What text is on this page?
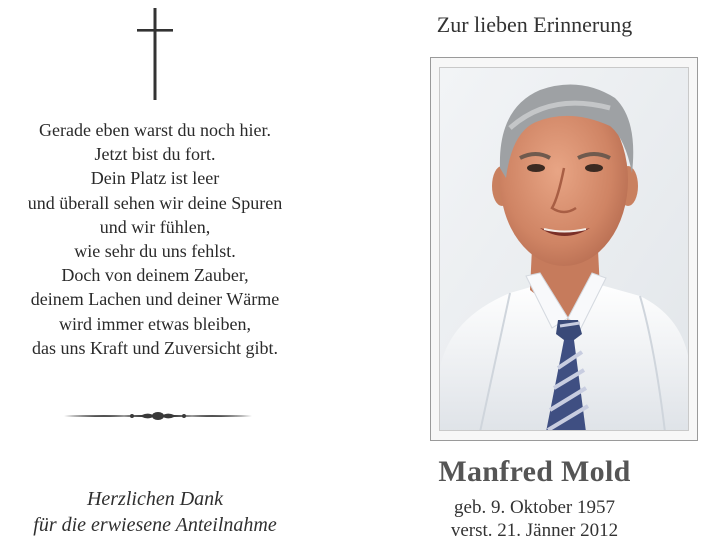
Gerade eben warst du noch hier.
Jetzt bist du fort.
Dein Platz ist leer
und überall sehen wir deine Spuren
und wir fühlen,
wie sehr du uns fehlst.
Doch von deinem Zauber,
deinem Lachen und deiner Wärme
wird immer etwas bleiben,
das uns Kraft und Zuversicht gibt.
Herzlichen Dank
für die erwiesene Anteilnahme
Zur lieben Erinnerung
Manfred Mold
geb. 9. Oktober 1957
verst. 21. Jänner 2012
